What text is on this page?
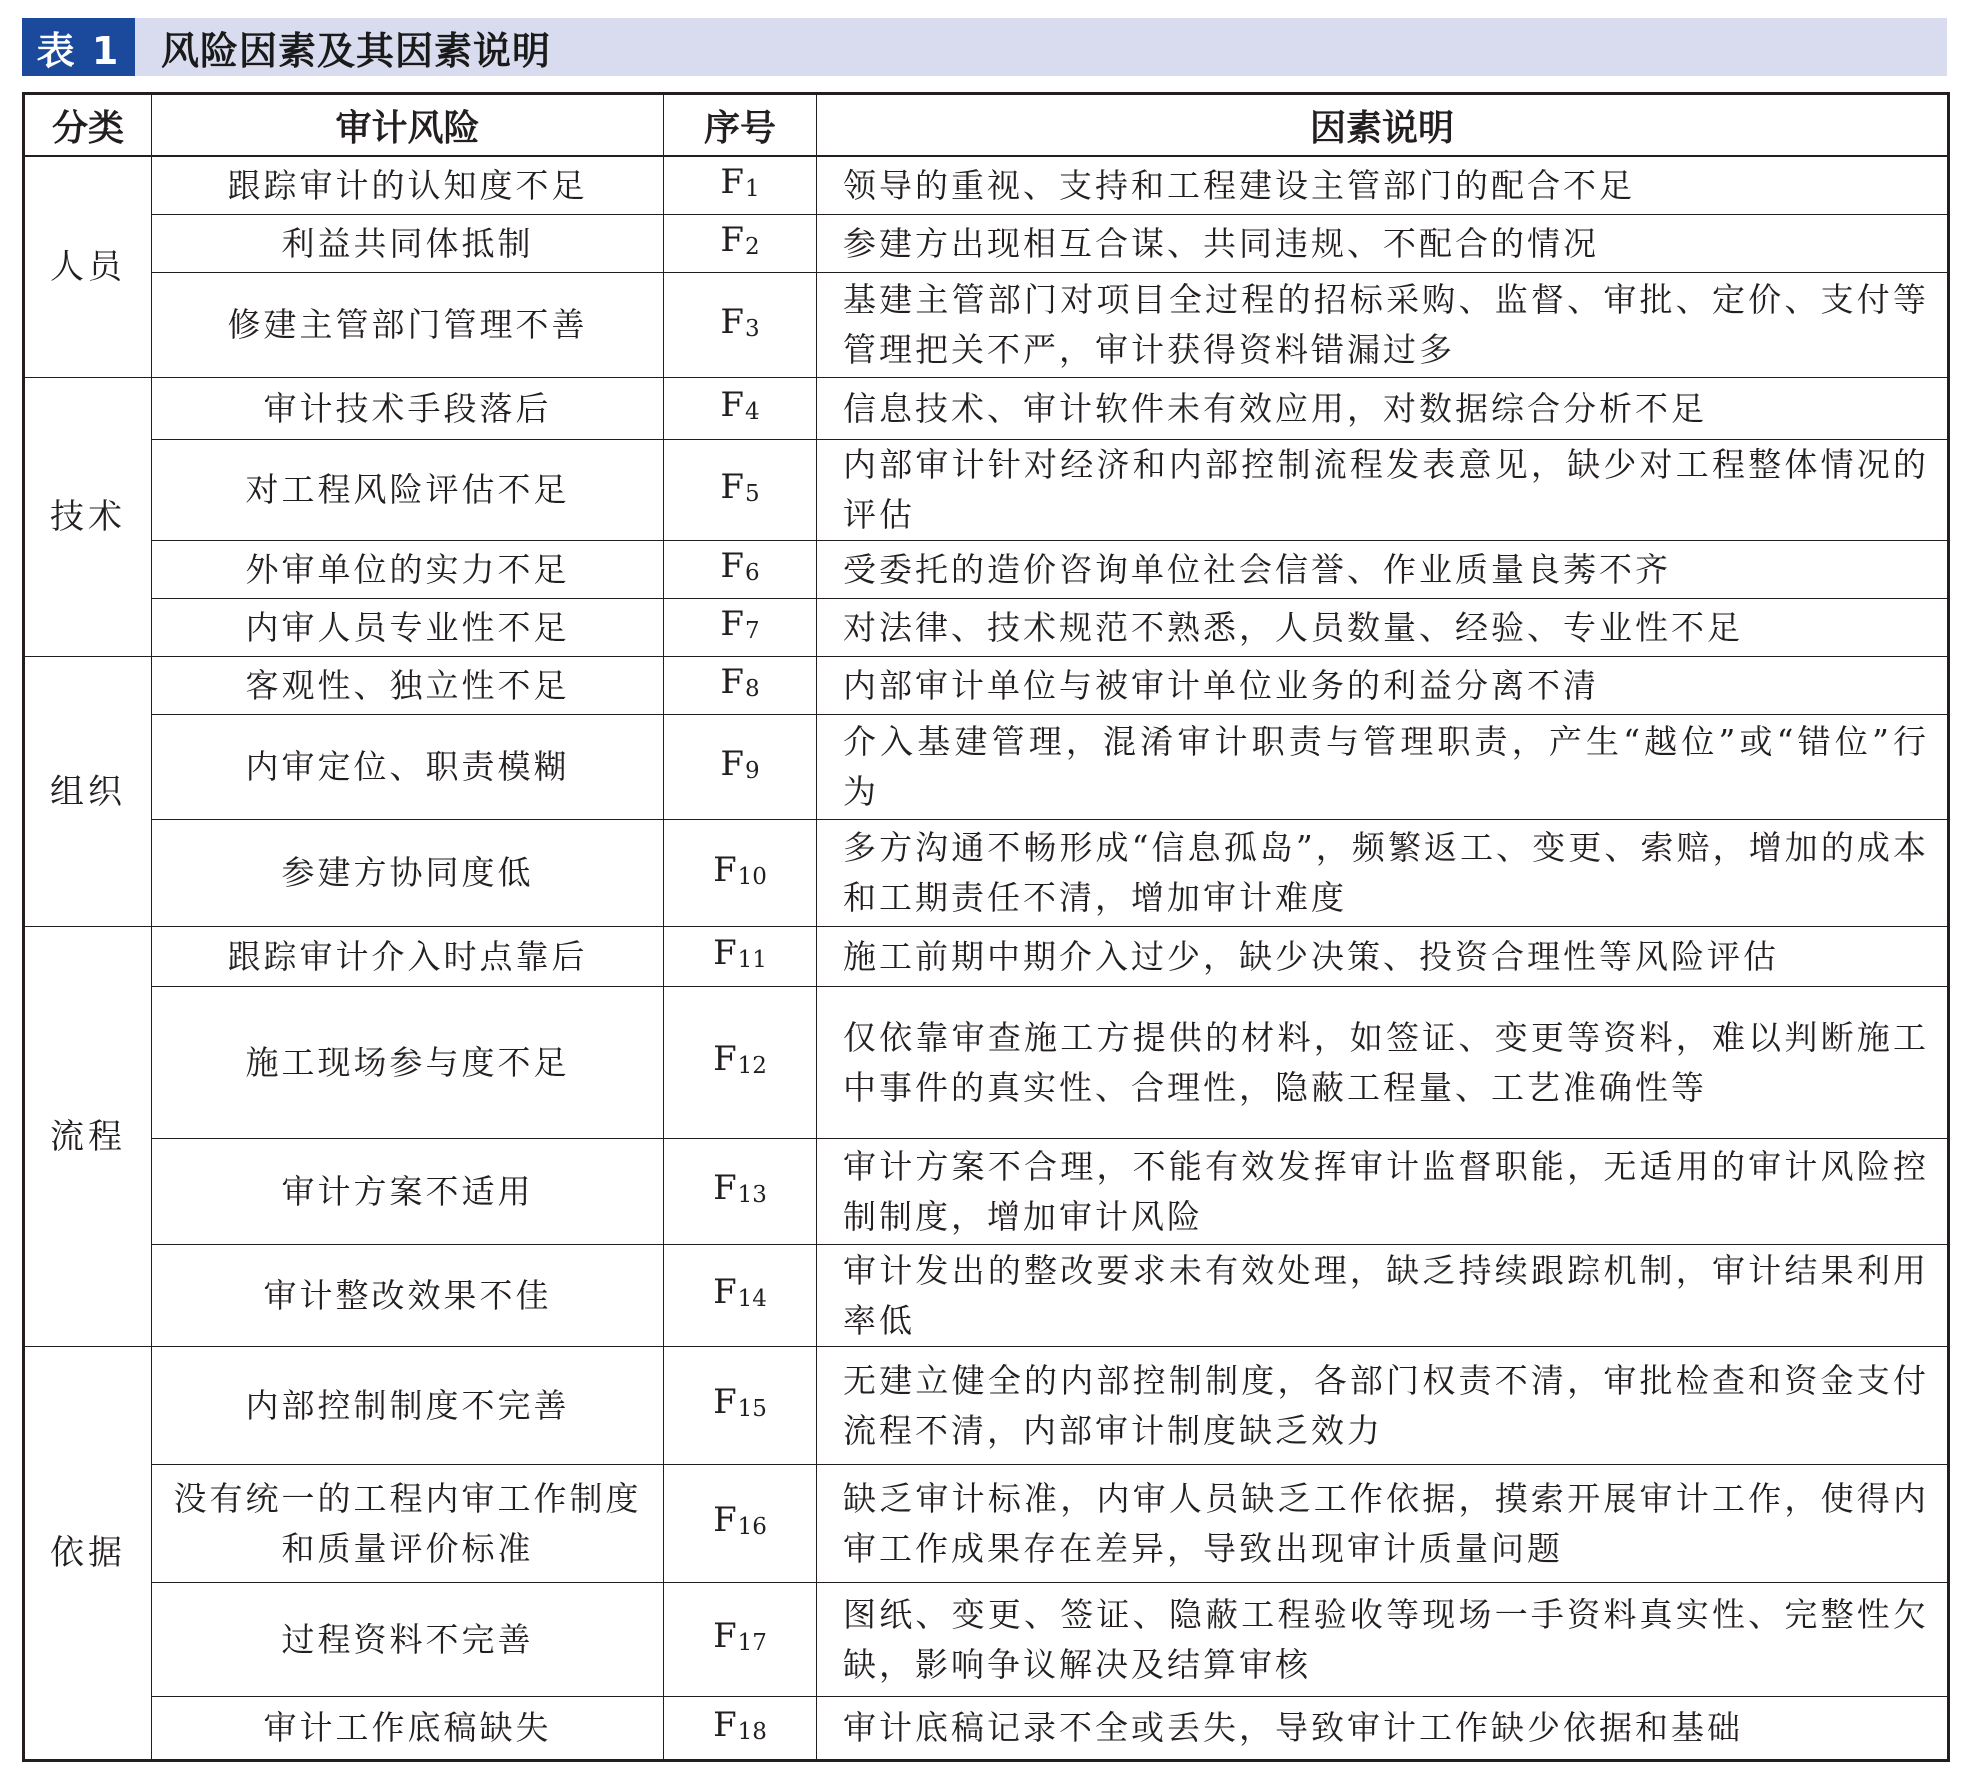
表 1	风险因素及其因素说明
分类	审计风险	序号	因素说明
人员	跟踪审计的认知度不足	$F_1$	领导的重视、支持和工程建设主管部门的配合不足
	利益共同体抵制	$F_2$	参建方出现相互合谋、共同违规、不配合的情况
	修建主管部门管理不善	$F_3$	基建主管部门对项目全过程的招标采购、监督、审批、定价、支付等管理把关不严，审计获得资料错漏过多
技术	审计技术手段落后	$F_4$	信息技术、审计软件未有效应用，对数据综合分析不足
	对工程风险评估不足	$F_5$	内部审计针对经济和内部控制流程发表意见，缺少对工程整体情况的评估
	外审单位的实力不足	$F_6$	受委托的造价咨询单位社会信誉、作业质量良莠不齐
	内审人员专业性不足	$F_7$	对法律、技术规范不熟悉，人员数量、经验、专业性不足
组织	客观性、独立性不足	$F_8$	内部审计单位与被审计单位业务的利益分离不清
	内审定位、职责模糊	$F_9$	介入基建管理，混淆审计职责与管理职责，产生“越位”或“错位”行为
	参建方协同度低	$F_{10}$	多方沟通不畅形成“信息孤岛”，频繁返工、变更、索赔，增加的成本和工期责任不清，增加审计难度
流程	跟踪审计介入时点靠后	$F_{11}$	施工前期中期介入过少，缺少决策、投资合理性等风险评估
	施工现场参与度不足	$F_{12}$	仅依靠审查施工方提供的材料，如签证、变更等资料，难以判断施工中事件的真实性、合理性，隐蔽工程量、工艺准确性等
	审计方案不适用	$F_{13}$	审计方案不合理，不能有效发挥审计监督职能，无适用的审计风险控制制度，增加审计风险
	审计整改效果不佳	$F_{14}$	审计发出的整改要求未有效处理，缺乏持续跟踪机制，审计结果利用率低
依据	内部控制制度不完善	$F_{15}$	无建立健全的内部控制制度，各部门权责不清，审批检查和资金支付流程不清，内部审计制度缺乏效力
	没有统一的工程内审工作制度和质量评价标准	$F_{16}$	缺乏审计标准，内审人员缺乏工作依据，摸索开展审计工作，使得内审工作成果存在差异，导致出现审计质量问题
	过程资料不完善	$F_{17}$	图纸、变更、签证、隐蔽工程验收等现场一手资料真实性、完整性欠缺，影响争议解决及结算审核
	审计工作底稿缺失	$F_{18}$	审计底稿记录不全或丢失，导致审计工作缺少依据和基础
